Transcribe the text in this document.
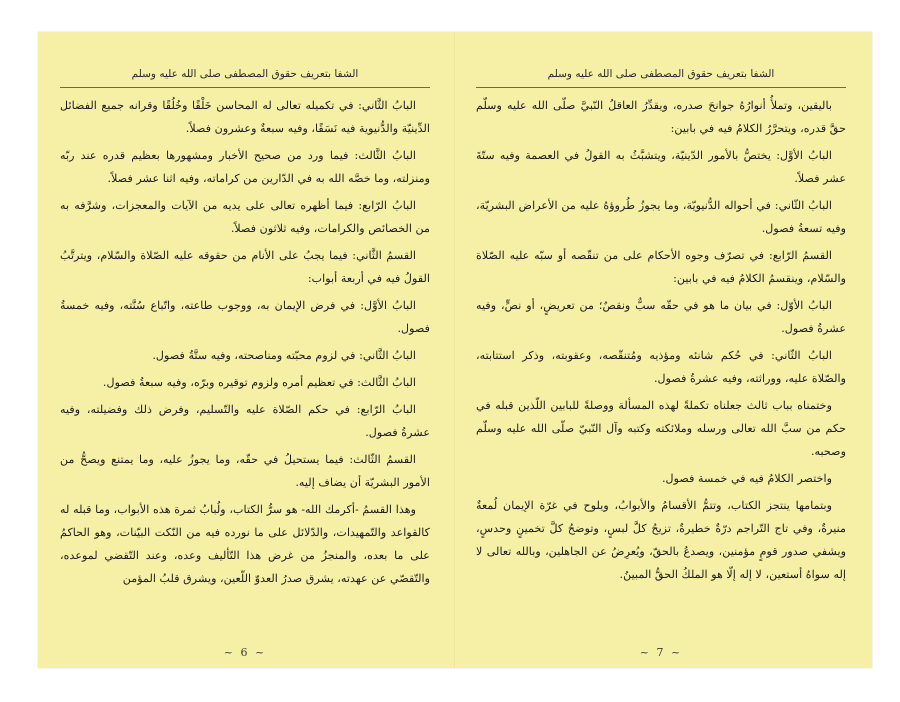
الشفا بتعريف حقوق المصطفى صلى الله عليه وسلم

البابُ الثَّاني: في تكميله تعالى له المحاسن خَلْقًا وخُلُقًا وقرانه جميع الفضائل الدِّينيّة والدُّنيوية فيه نَسَقًا، وفيه سبعةٌ وعشرون فصلاً.

البابُ الثَّالث: فيما ورد من صحيح الأخبار ومشهورها بعظيم قدره عند ربّه ومنزلته، وما خصَّه الله به في الدّارين من كراماته، وفيه اثنا عشر فصلاً.

البابُ الرّابع: فيما أظهره تعالى على يديه من الآيات والمعجزات، وشرَّفه به من الخصائص والكرامات، وفيه ثلاثون فصلاً.

القسمُ الثَّاني: فيما يجبُ على الأنام من حقوقه عليه الصّلاة والسّلام، ويترتَّبُ القولُ فيه في أربعة أبواب:

البابُ الأوَّل: في فرض الإيمان به، ووجوب طاعته، واتّباع سُنَّته، وفيه خمسةُ فصول.

البابُ الثَّاني: في لزوم محبّته ومناصحته، وفيه ستَّةُ فصول.

البابُ الثَّالث: في تعظيم أمره ولزوم توقيره وبرّه، وفيه سبعةُ فصول.

البابُ الرّابع: في حكم الصّلاة عليه والتّسليم، وفرض ذلك وفضيلته، وفيه عشرةُ فصول.

القسمُ الثّالث: فيما يستحيلُ في حقّه، وما يجوزُ عليه، وما يمتنع ويصحُّ من الأمور البشريّة أن يضاف إليه.

وهذا القسمُ -أكرمك الله- هو سرُّ الكتاب، ولُبابُ ثمرة هذه الأبواب، وما قبله له كالقواعد والتّمهيدات، والدّلائل على ما نورده فيه من النّكت البيّنات، وهو الحاكمُ على ما بعده، والمنجزُ من غرض هذا التّأليف وعده، وعند التّقضي لموعده، والتّقصّي عن عهدته، يشرق صدرُ العدوّ اللّعين، ويشرق قلبُ المؤمن

~ 6 ~
الشفا بتعريف حقوق المصطفى صلى الله عليه وسلم

باليقين، وتملأُ أنوارُهُ جوانحَ صدره، ويقدِّرُ العاقلُ النّبيَّ صلّى الله عليه وسلّم حقَّ قدره، ويتحرَّرُ الكلامُ فيه في بابين:

البابُ الأوَّل: يختصُّ بالأمور الدّينيّة، ويتشبَّثُ به القولُ في العصمة وفيه ستّةَ عشر فصلاً.

البابُ الثّاني: في أحواله الدُّنيويّة، وما يجوزُ طُروؤهُ عليه من الأعراض البشريّة، وفيه تسعةُ فصول.

القسمُ الرّابع: في تصرّف وجوه الأحكام على من تنقّصه أو سبّه عليه الصّلاة والسّلام، وينقسمُ الكلامُ فيه في بابين:

البابُ الأوّل: في بيان ما هو في حقّه سبٌّ ونقصٌ؛ من تعريضٍ، أو نصٍّ، وفيه عشرةُ فصول.

البابُ الثّاني: في حُكم شانئه ومؤذيه ومُتنقّصه، وعقوبته، وذكر استتابته، والصّلاة عليه، ووراثته، وفيه عشرةُ فصول.

وختمناه بباب ثالث جعلناه تكملةً لهذه المسألة ووصلةً للبابين اللّذين قبله في حكم من سبَّ الله تعالى ورسله وملائكته وكتبه وآل النّبيّ صلّى الله عليه وسلّم وصحبه.

واختصر الكلامُ فيه في خمسة فصول.

وبتمامها ينتجز الكتاب، وتتمُّ الأقسامُ والأبوابُ، ويلوح في غرّة الإيمان لُمعةٌ منيرةٌ، وفي تاج التّراجم درّةٌ خطيرةٌ، تزيحُ كلَّ لبسٍ، وتوضحُ كلَّ تخمينٍ وحدسٍ، ويشفي صدور قومٍ مؤمنين، ويصدعُ بالحقّ، ويُعرِضُ عن الجاهلين، وبالله تعالى لا إله سواهُ أستعين، لا إله إلّا هو الملكُ الحقُّ المبينُ.

~ 7 ~
